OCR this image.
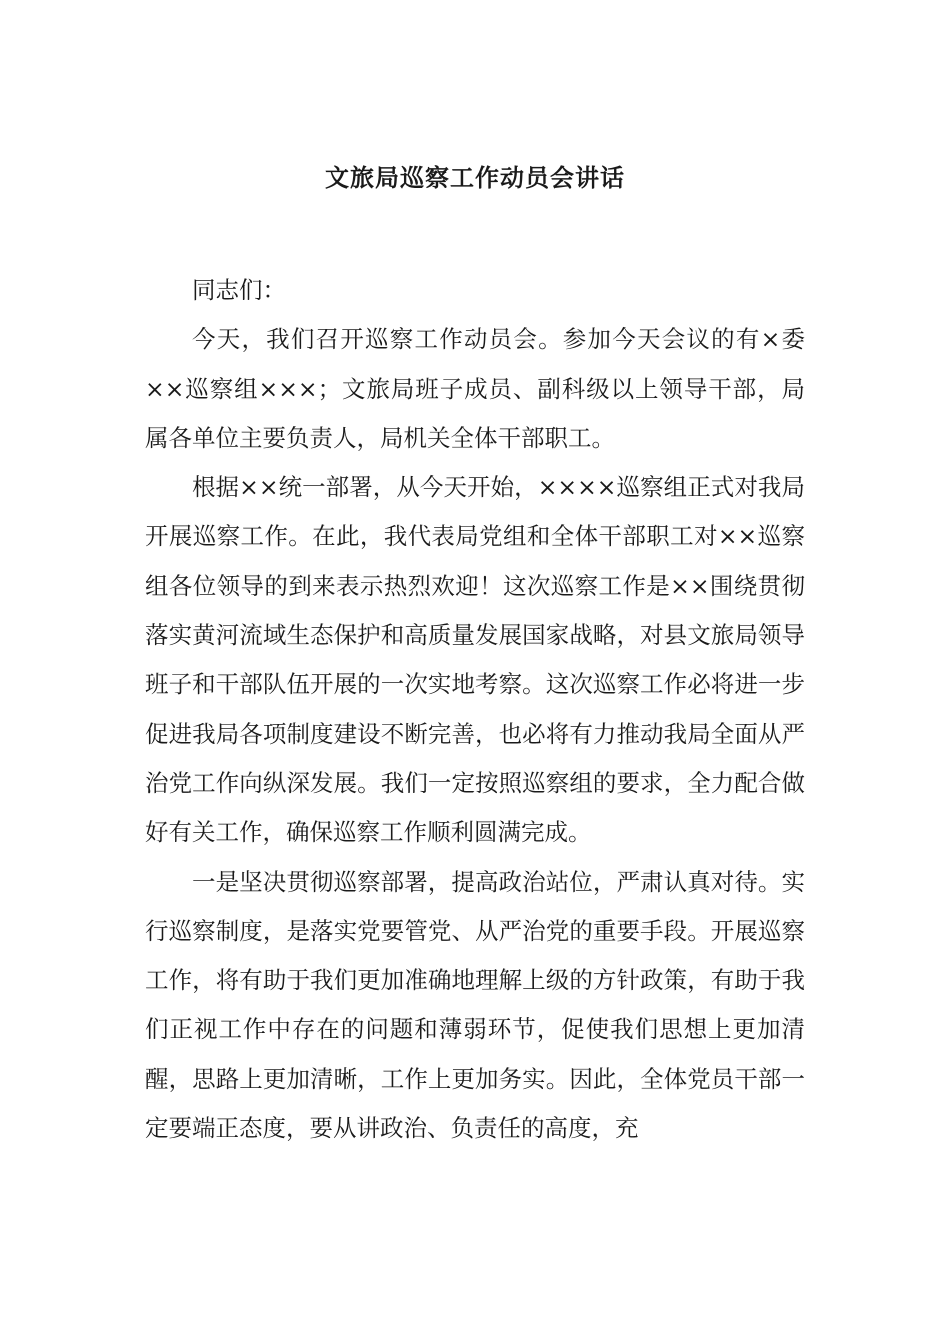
文旅局巡察工作动员会讲话

同志们：

今天，我们召开巡察工作动员会。参加今天会议的有×委××巡察组×××；文旅局班子成员、副科级以上领导干部，局属各单位主要负责人，局机关全体干部职工。

根据××统一部署，从今天开始，××××巡察组正式对我局开展巡察工作。在此，我代表局党组和全体干部职工对××巡察组各位领导的到来表示热烈欢迎！这次巡察工作是××围绕贯彻落实黄河流域生态保护和高质量发展国家战略，对县文旅局领导班子和干部队伍开展的一次实地考察。这次巡察工作必将进一步促进我局各项制度建设不断完善，也必将有力推动我局全面从严治党工作向纵深发展。我们一定按照巡察组的要求，全力配合做好有关工作，确保巡察工作顺利圆满完成。

一是坚决贯彻巡察部署，提高政治站位，严肃认真对待。实行巡察制度，是落实党要管党、从严治党的重要手段。开展巡察工作，将有助于我们更加准确地理解上级的方针政策，有助于我们正视工作中存在的问题和薄弱环节，促使我们思想上更加清醒，思路上更加清晰，工作上更加务实。因此，全体党员干部一定要端正态度，要从讲政治、负责任的高度，充
